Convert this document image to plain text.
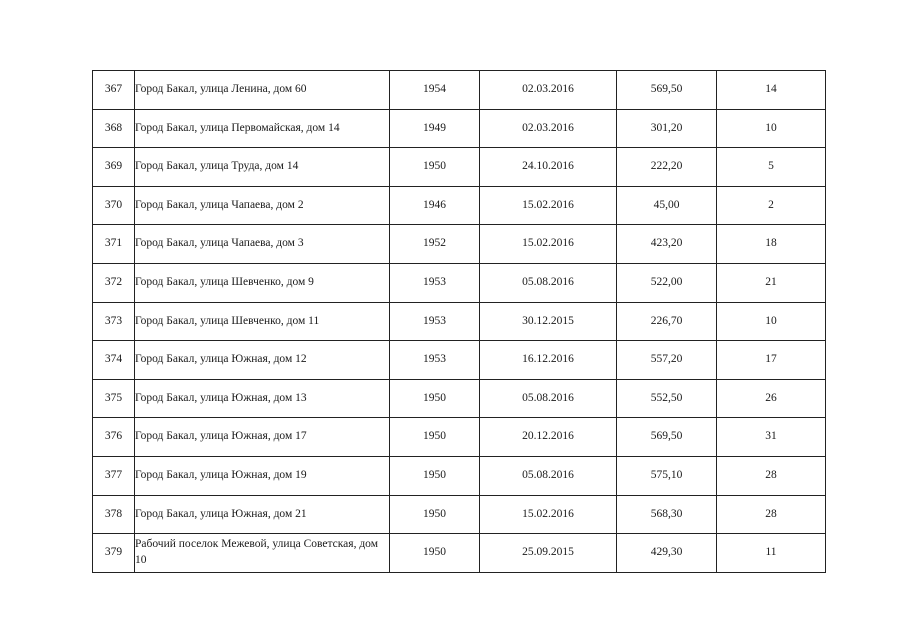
367	Город Бакал, улица Ленина, дом 60	1954	02.03.2016	569,50	14
368	Город Бакал, улица Первомайская, дом 14	1949	02.03.2016	301,20	10
369	Город Бакал, улица Труда, дом 14	1950	24.10.2016	222,20	5
370	Город Бакал, улица Чапаева, дом 2	1946	15.02.2016	45,00	2
371	Город Бакал, улица Чапаева, дом 3	1952	15.02.2016	423,20	18
372	Город Бакал, улица Шевченко, дом 9	1953	05.08.2016	522,00	21
373	Город Бакал, улица Шевченко, дом 11	1953	30.12.2015	226,70	10
374	Город Бакал, улица Южная, дом 12	1953	16.12.2016	557,20	17
375	Город Бакал, улица Южная, дом 13	1950	05.08.2016	552,50	26
376	Город Бакал, улица Южная, дом 17	1950	20.12.2016	569,50	31
377	Город Бакал, улица Южная, дом 19	1950	05.08.2016	575,10	28
378	Город Бакал, улица Южная, дом 21	1950	15.02.2016	568,30	28
379	Рабочий поселок Межевой, улица Советская, дом 10	1950	25.09.2015	429,30	11
